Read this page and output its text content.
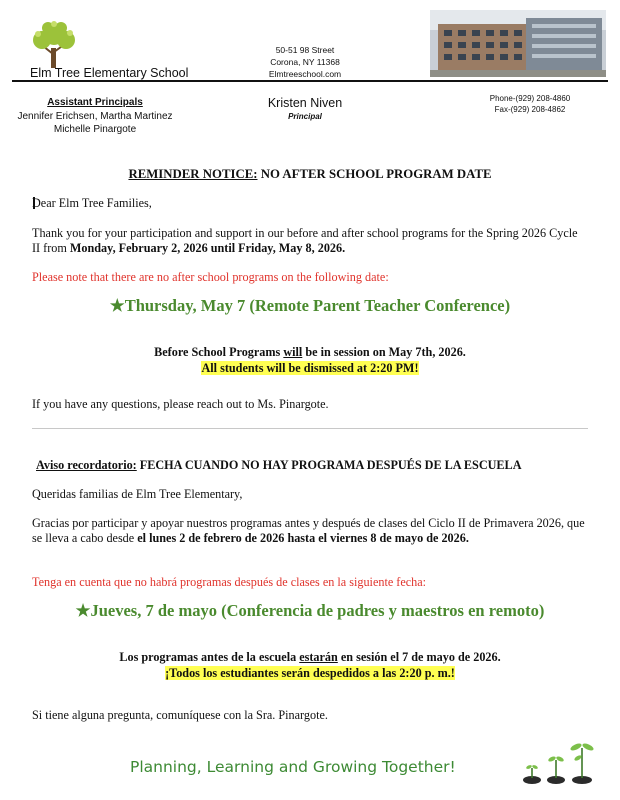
Elm Tree Elementary School
50-51 98 Street
Corona, NY 11368
Elmtreeschool.com
Assistant Principals
Jennifer Erichsen, Martha Martinez
Michelle Pinargote
Kristen Niven
Principal
Phone-(929) 208-4860
Fax-(929) 208-4862
REMINDER NOTICE: NO AFTER SCHOOL PROGRAM DATE
Dear Elm Tree Families,
Thank you for your participation and support in our before and after school programs for the Spring 2026 Cycle II from Monday, February 2, 2026 until Friday, May 8, 2026.
Please note that there are no after school programs on the following date:
★Thursday, May 7 (Remote Parent Teacher Conference)
Before School Programs will be in session on May 7th, 2026.
All students will be dismissed at 2:20 PM!
If you have any questions, please reach out to Ms. Pinargote.
Aviso recordatorio: FECHA CUANDO NO HAY PROGRAMA DESPUÉS DE LA ESCUELA
Queridas familias de Elm Tree Elementary,
Gracias por participar y apoyar nuestros programas antes y después de clases del Ciclo II de Primavera 2026, que se lleva a cabo desde el lunes 2 de febrero de 2026 hasta el viernes 8 de mayo de 2026.
Tenga en cuenta que no habrá programas después de clases en la siguiente fecha:
★Jueves, 7 de mayo (Conferencia de padres y maestros en remoto)
Los programas antes de la escuela estarán en sesión el 7 de mayo de 2026.
¡Todos los estudiantes serán despedidos a las 2:20 p. m.!
Si tiene alguna pregunta, comuníquese con la Sra. Pinargote.
Planning, Learning and Growing Together!
